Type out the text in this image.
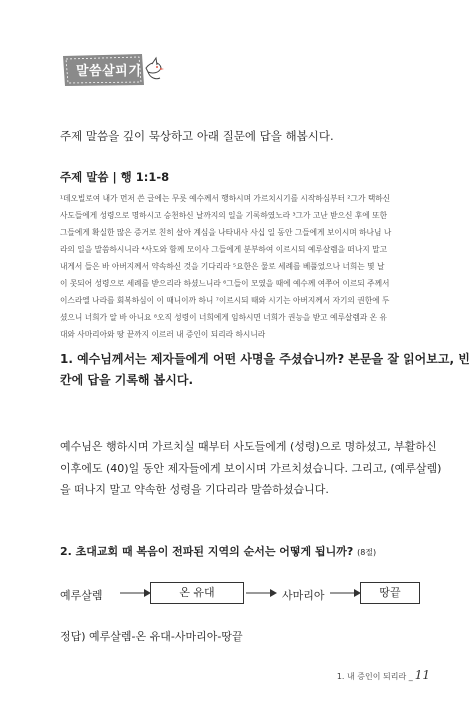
말씀살피기
주제 말씀을 깊이 묵상하고 아래 질문에 답을 해봅시다.
주제 말씀 | 행 1:1-8
¹데오빌로여 내가 먼저 쓴 글에는 무릇 예수께서 행하시며 가르치시기를 시작하심부터 ²그가 택하신
사도들에게 성령으로 명하시고 승천하신 날까지의 일을 기록하였노라 ³그가 고난 받으신 후에 또한
그들에게 확실한 많은 증거로 친히 살아 계심을 나타내사 사십 일 동안 그들에게 보이시며 하나님 나
라의 일을 말씀하시니라 ⁴사도와 함께 모이사 그들에게 분부하여 이르시되 예루살렘을 떠나지 말고
내게서 들은 바 아버지께서 약속하신 것을 기다리라 ⁵요한은 물로 세례를 베풀었으나 너희는 몇 날
이 못되어 성령으로 세례를 받으리라 하셨느니라 ⁶그들이 모였을 때에 예수께 여쭈어 이르되 주께서
이스라엘 나라를 회복하심이 이 때니이까 하니 ⁷이르시되 때와 시기는 아버지께서 자기의 권한에 두
셨으니 너희가 알 바 아니요 ⁸오직 성령이 너희에게 임하시면 너희가 권능을 받고 예루살렘과 온 유
대와 사마리아와 땅 끝까지 이르러 내 증인이 되리라 하시니라
1. 예수님께서는 제자들에게 어떤 사명을 주셨습니까? 본문을 잘 읽어보고, 빈
칸에 답을 기록해 봅시다.
예수님은 행하시며 가르치실 때부터 사도들에게 (성령)으로 명하셨고, 부활하신
이후에도 (40)일 동안 제자들에게 보이시며 가르치셨습니다. 그리고, (예루살렘)
을 떠나지 말고 약속한 성령을 기다리라 말씀하셨습니다.
2. 초대교회 때 복음이 전파된 지역의 순서는 어떻게 됩니까? (8절)
예루살렘	온 유대	사마리아	땅끝
정답) 예루살렘-온 유대-사마리아-땅끝
1. 내 증인이 되리라 _ 11
